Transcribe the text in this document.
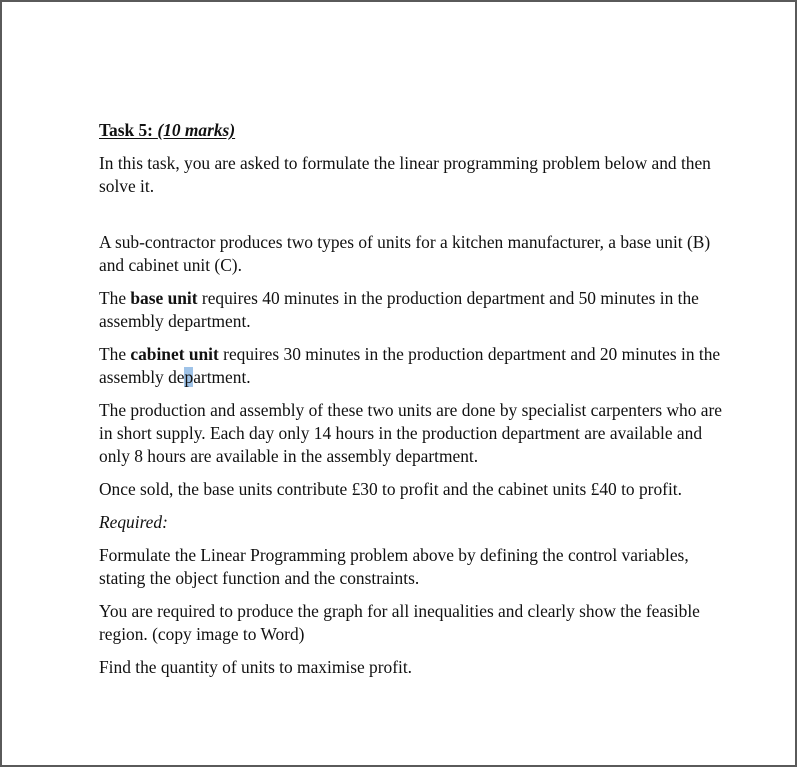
Task 5: (10 marks)

In this task, you are asked to formulate the linear programming problem below and then solve it.

A sub-contractor produces two types of units for a kitchen manufacturer, a base unit (B) and cabinet unit (C).

The base unit requires 40 minutes in the production department and 50 minutes in the assembly department.

The cabinet unit requires 30 minutes in the production department and 20 minutes in the assembly department.

The production and assembly of these two units are done by specialist carpenters who are in short supply. Each day only 14 hours in the production department are available and only 8 hours are available in the assembly department.

Once sold, the base units contribute £30 to profit and the cabinet units £40 to profit.

Required:

Formulate the Linear Programming problem above by defining the control variables, stating the object function and the constraints.

You are required to produce the graph for all inequalities and clearly show the feasible region. (copy image to Word)

Find the quantity of units to maximise profit.
